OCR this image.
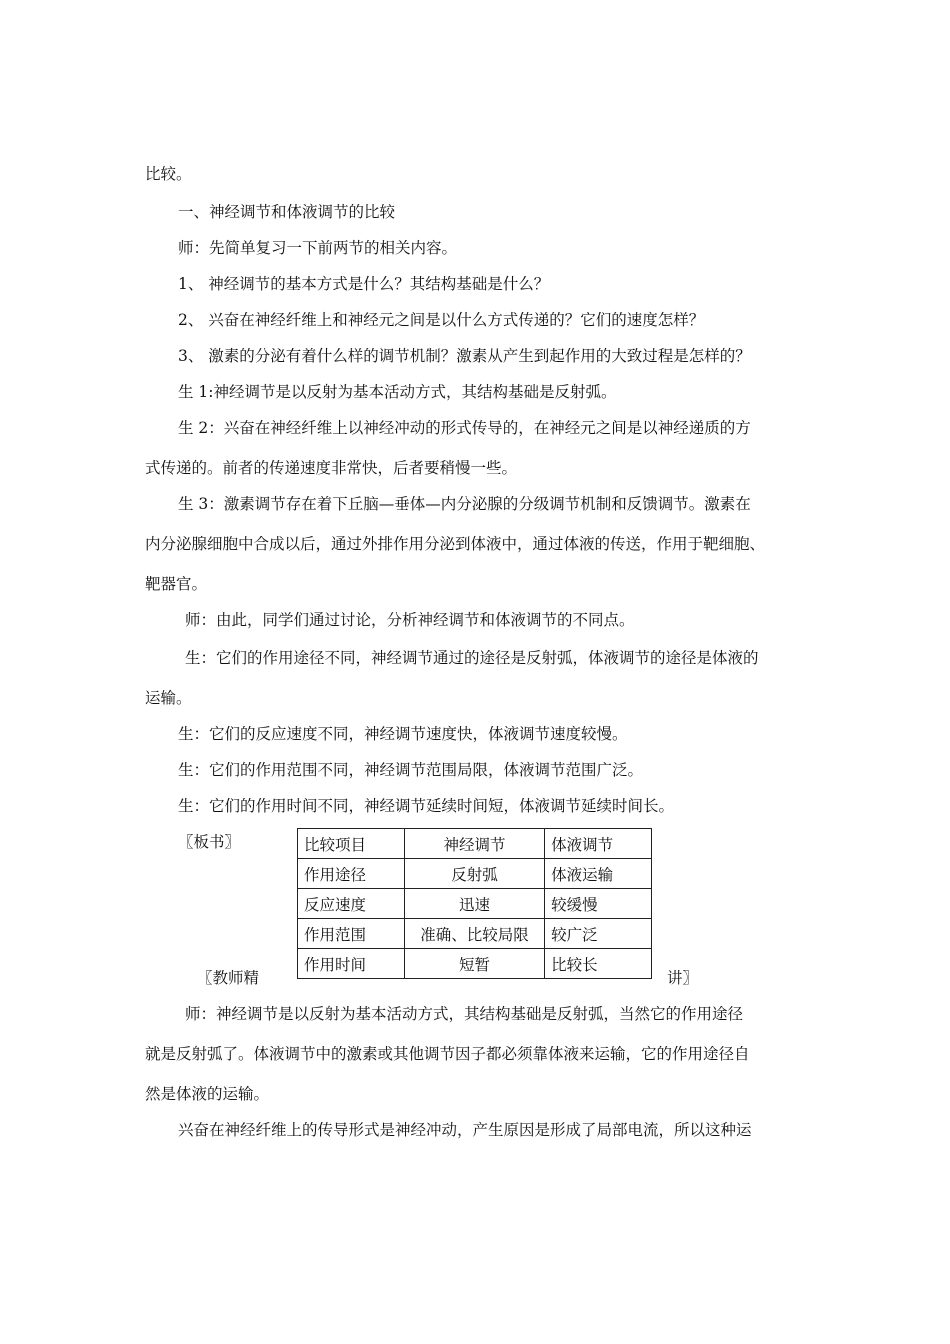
比较。
一、神经调节和体液调节的比较
师：先简单复习一下前两节的相关内容。
1、 神经调节的基本方式是什么？其结构基础是什么？
2、 兴奋在神经纤维上和神经元之间是以什么方式传递的？它们的速度怎样？
3、 激素的分泌有着什么样的调节机制？激素从产生到起作用的大致过程是怎样的？
生 1:神经调节是以反射为基本活动方式，其结构基础是反射弧。
生 2：兴奋在神经纤维上以神经冲动的形式传导的，在神经元之间是以神经递质的方
式传递的。前者的传递速度非常快，后者要稍慢一些。
生 3：激素调节存在着下丘脑—垂体—内分泌腺的分级调节机制和反馈调节。激素在
内分泌腺细胞中合成以后，通过外排作用分泌到体液中，通过体液的传送，作用于靶细胞、
靶器官。
师：由此，同学们通过讨论，分析神经调节和体液调节的不同点。
生：它们的作用途径不同，神经调节通过的途径是反射弧，体液调节的途径是体液的
运输。
生：它们的反应速度不同，神经调节速度快，体液调节速度较慢。
生：它们的作用范围不同，神经调节范围局限，体液调节范围广泛。
生：它们的作用时间不同，神经调节延续时间短，体液调节延续时间长。
〖板书〗	比较项目	神经调节	体液调节
作用途径	反射弧	体液运输
反应速度	迅速	较缓慢
作用范围	准确、比较局限	较广泛
作用时间	短暂	比较长
〖教师精	讲〗
师：神经调节是以反射为基本活动方式，其结构基础是反射弧，当然它的作用途径
就是反射弧了。体液调节中的激素或其他调节因子都必须靠体液来运输，它的作用途径自
然是体液的运输。
兴奋在神经纤维上的传导形式是神经冲动，产生原因是形成了局部电流，所以这种运
